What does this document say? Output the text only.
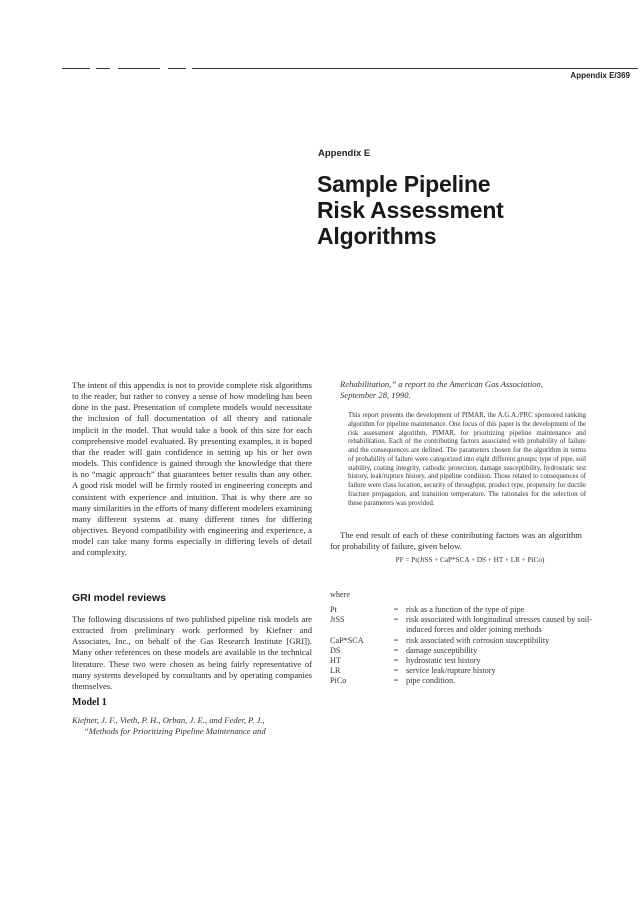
Appendix E/369
Appendix E
Sample Pipeline
Risk Assessment
Algorithms
The intent of this appendix is not to provide complete risk algorithms to the reader, but rather to convey a sense of how modeling has been done in the past. Presentation of complete models would necessitate the inclusion of full documentation of all theory and rationale implicit in the model. That would take a book of this size for each comprehensive model evaluated. By presenting examples, it is hoped that the reader will gain confidence in setting up his or her own models. This confidence is gained through the knowledge that there is no “magic approach” that guarantees better results than any other. A good risk model will be firmly rooted in engineering concepts and consistent with experience and intuition. That is why there are so many similarities in the efforts of many different modelers examining many different systems at many different times for differing objectives. Beyond compatibility with engineering and experience, a model can take many forms especially in differing levels of detail and complexity.
GRI model reviews
The following discussions of two published pipeline risk models are extracted from preliminary work performed by Kiefner and Associates, Inc., on behalf of the Gas Research Institute [GRI]). Many other references on these models are available in the technical literature. These two were chosen as being fairly representative of many systems developed by consultants and by operating companies themselves.
Model 1
Kiefner, J. F., Vieth, P. H., Orban, J. E., and Feder, P. J.,
“Methods for Prioritizing Pipeline Maintenance and
Rehabilitation,” a report to the American Gas Association,
September 28, 1990.
This report presents the development of PIMAR, the A.G.A./PRC sponsored ranking algorithm for pipeline maintenance. One focus of this paper is the development of the risk assessment algorithm, PIMAR, for prioritizing pipeline maintenance and rehabilitation. Each of the contributing factors associated with probability of failure and the consequences are defined. The parameters chosen for the algorithm in terms of probability of failure were categorized into eight different groups: type of pipe, soil stability, coating integrity, cathodic protection, damage susceptibility, hydrostatic test history, leak/rupture history, and pipeline condition. Those related to consequences of failure were class location, security of throughput, product type, propensity for ductile fracture propagation, and transition temperature. The rationales for the selection of these parameters was provided.
The end result of each of these contributing factors was an algorithm for probability of failure, given below.
PF = Pt(JtSS + CaP*SCA + DS + HT + LR + PiCo)
where
Pt	= risk as a function of the type of pipe
JtSS	= risk associated with longitudinal stresses caused by soil-induced forces and older joining methods
CaP*SCA	= risk associated with corrosion susceptibility
DS	= damage susceptibility
HT	= hydrostatic test history
LR	= service leak/rupture history
PiCo	= pipe condition.
